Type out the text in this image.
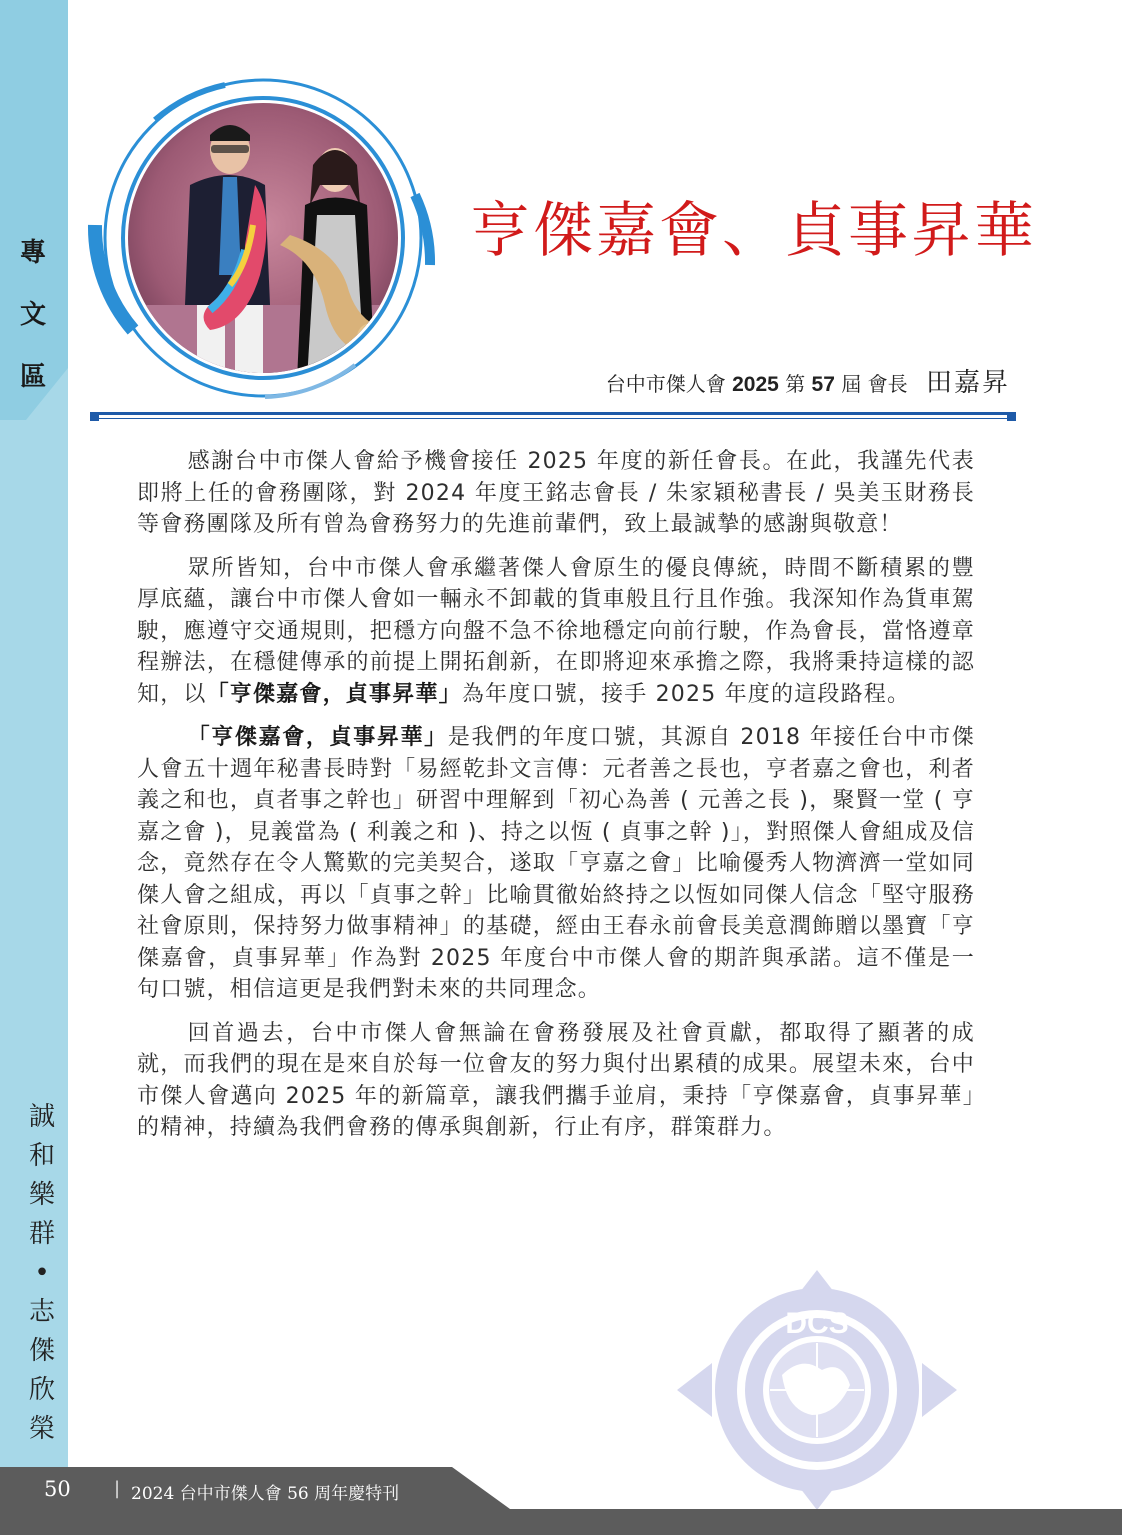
專
文
區
誠
和
樂
群
•
志
傑
欣
榮
亨傑嘉會、貞事昇華
台中市傑人會 2025 第 57 屆 會長 田嘉昇

感謝台中市傑人會給予機會接任 2025 年度的新任會長。在此，我謹先代表即將上任的會務團隊，對 2024 年度王銘志會長 / 朱家穎秘書長 / 吳美玉財務長等會務團隊及所有曾為會務努力的先進前輩們，致上最誠摯的感謝與敬意！

眾所皆知，台中市傑人會承繼著傑人會原生的優良傳統，時間不斷積累的豐厚底蘊，讓台中市傑人會如一輛永不卸載的貨車般且行且作強。我深知作為貨車駕駛，應遵守交通規則，把穩方向盤不急不徐地穩定向前行駛，作為會長，當恪遵章程辦法，在穩健傳承的前提上開拓創新，在即將迎來承擔之際，我將秉持這樣的認知，以「亨傑嘉會，貞事昇華」為年度口號，接手 2025 年度的這段路程。

「亨傑嘉會，貞事昇華」是我們的年度口號，其源自 2018 年接任台中市傑人會五十週年秘書長時對「易經乾卦文言傳：元者善之長也，亨者嘉之會也，利者義之和也，貞者事之幹也」研習中理解到「初心為善 ( 元善之長 )，聚賢一堂 ( 亨嘉之會 )，見義當為 ( 利義之和 )、持之以恆 ( 貞事之幹 )」，對照傑人會組成及信念，竟然存在令人驚歎的完美契合，遂取「亨嘉之會」比喻優秀人物濟濟一堂如同傑人會之組成，再以「貞事之幹」比喻貫徹始終持之以恆如同傑人信念「堅守服務社會原則，保持努力做事精神」的基礎，經由王春永前會長美意潤飾贈以墨寶「亨傑嘉會，貞事昇華」作為對 2025 年度台中市傑人會的期許與承諾。這不僅是一句口號，相信這更是我們對未來的共同理念。

回首過去，台中市傑人會無論在會務發展及社會貢獻，都取得了顯著的成就，而我們的現在是來自於每一位會友的努力與付出累積的成果。展望未來，台中市傑人會邁向 2025 年的新篇章，讓我們攜手並肩，秉持「亨傑嘉會，貞事昇華」的精神，持續為我們會務的傳承與創新，行止有序，群策群力。

DCS
50 | 2024 台中市傑人會 56 周年慶特刊
